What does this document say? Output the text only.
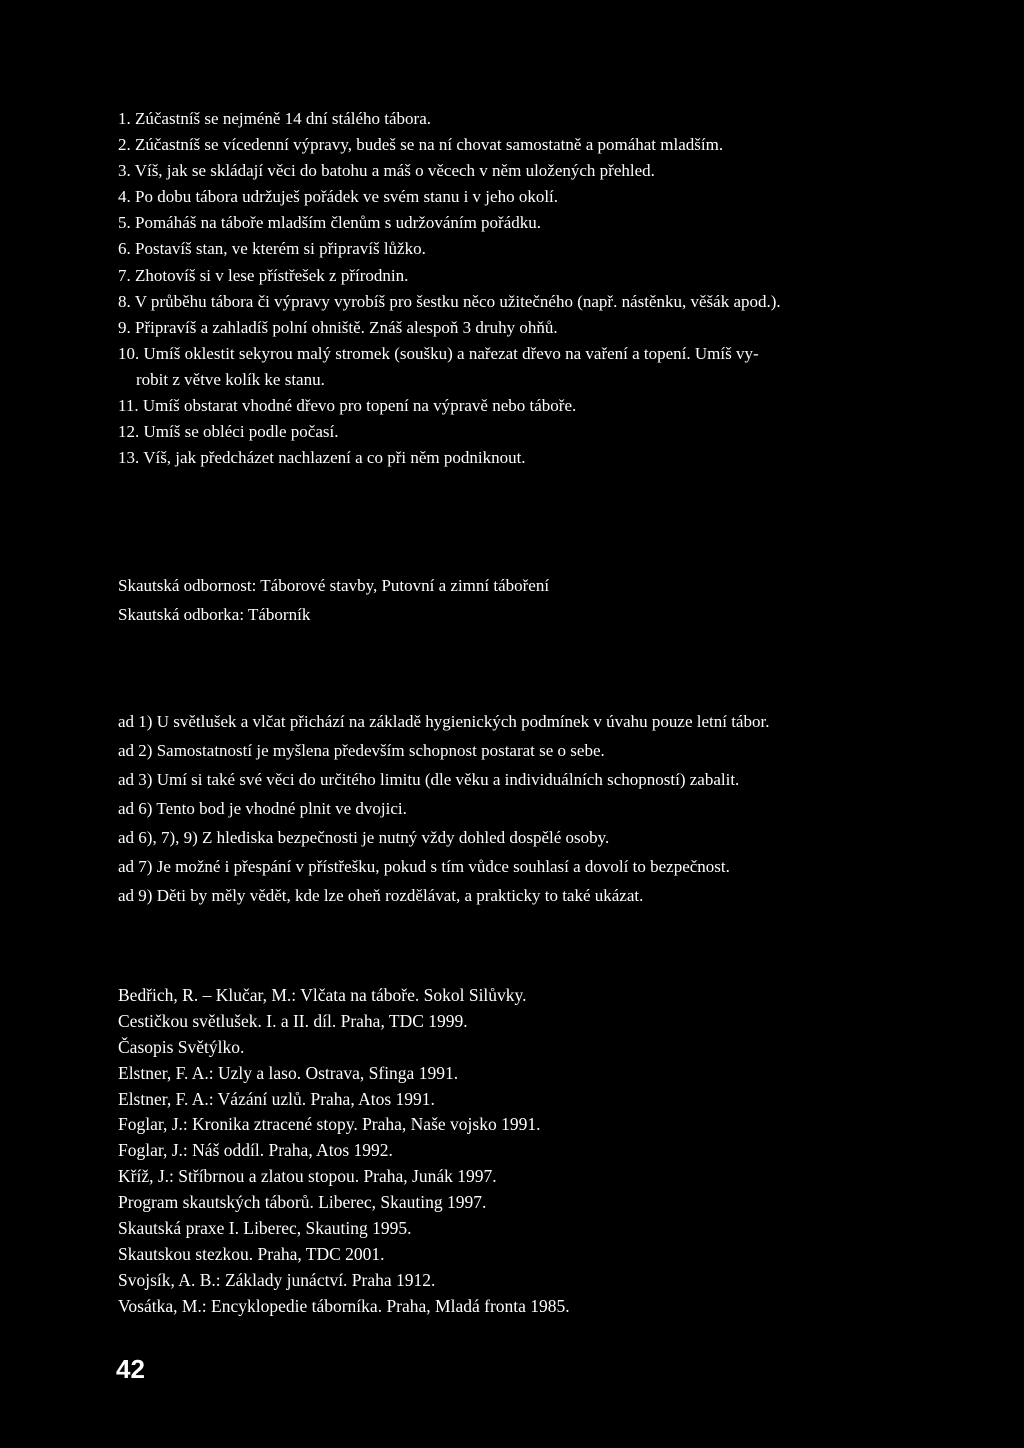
1. Zúčastníš se nejméně 14 dní stálého tábora.
2. Zúčastníš se vícedenní výpravy, budeš se na ní chovat samostatně a pomáhat mladším.
3. Víš, jak se skládají věci do batohu a máš o věcech v něm uložených přehled.
4. Po dobu tábora udržuješ pořádek ve svém stanu i v jeho okolí.
5. Pomáháš na táboře mladším členům s udržováním pořádku.
6. Postavíš stan, ve kterém si připravíš lůžko.
7. Zhotovíš si v lese přístřešek z přírodnin.
8. V průběhu tábora či výpravy vyrobíš pro šestku něco užitečného (např. nástěnku, věšák apod.).
9. Připravíš a zahladíš polní ohniště. Znáš alespoň 3 druhy ohňů.
10. Umíš oklestit sekyrou malý stromek (soušku) a nařezat dřevo na vaření a topení. Umíš vy-
robit z větve kolík ke stanu.
11. Umíš obstarat vhodné dřevo pro topení na výpravě nebo táboře.
12. Umíš se obléci podle počasí.
13. Víš, jak předcházet nachlazení a co při něm podniknout.
Skautská odbornost: Táborové stavby, Putovní a zimní táboření
Skautská odborka: Táborník
ad 1) U světlušek a vlčat přichází na základě hygienických podmínek v úvahu pouze letní tábor.
ad 2) Samostatností je myšlena především schopnost postarat se o sebe.
ad 3) Umí si také své věci do určitého limitu (dle věku a individuálních schopností) zabalit.
ad 6) Tento bod je vhodné plnit ve dvojici.
ad 6), 7), 9) Z hlediska bezpečnosti je nutný vždy dohled dospělé osoby.
ad 7) Je možné i přespání v přístřešku, pokud s tím vůdce souhlasí a dovolí to bezpečnost.
ad 9) Děti by měly vědět, kde lze oheň rozdělávat, a prakticky to také ukázat.
Bedřich, R. – Klučar, M.: Vlčata na táboře. Sokol Silůvky.
Cestičkou světlušek. I. a II. díl. Praha, TDC 1999.
Časopis Světýlko.
Elstner, F. A.: Uzly a laso. Ostrava, Sfinga 1991.
Elstner, F. A.: Vázání uzlů. Praha, Atos 1991.
Foglar, J.: Kronika ztracené stopy. Praha, Naše vojsko 1991.
Foglar, J.: Náš oddíl. Praha, Atos 1992.
Kříž, J.: Stříbrnou a zlatou stopou. Praha, Junák 1997.
Program skautských táborů. Liberec, Skauting 1997.
Skautská praxe I. Liberec, Skauting 1995.
Skautskou stezkou. Praha, TDC 2001.
Svojsík, A. B.: Základy junáctví. Praha 1912.
Vosátka, M.: Encyklopedie táborníka. Praha, Mladá fronta 1985.
42
